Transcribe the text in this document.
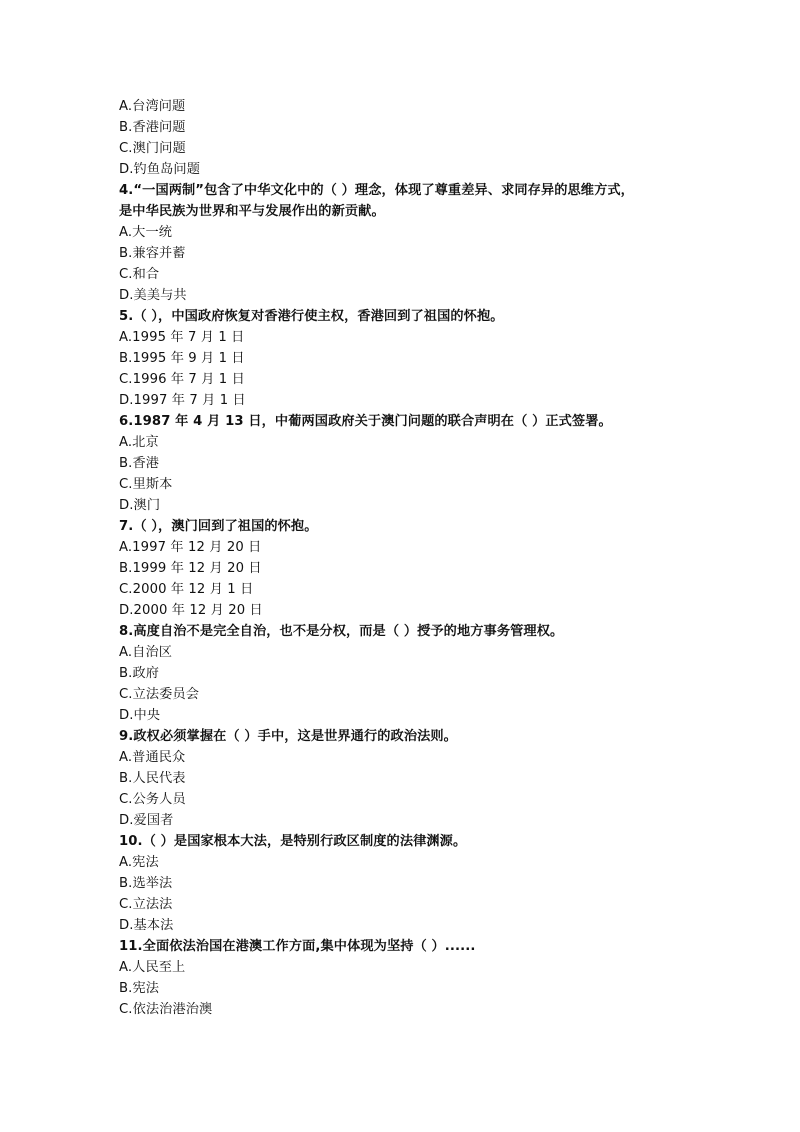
A.台湾问题
B.香港问题
C.澳门问题
D.钓鱼岛问题
4.“一国两制”包含了中华文化中的（ ）理念，体现了尊重差异、求同存异的思维方式，
是中华民族为世界和平与发展作出的新贡献。
A.大一统
B.兼容并蓄
C.和合
D.美美与共
5.（ ），中国政府恢复对香港行使主权，香港回到了祖国的怀抱。
A.1995 年 7 月 1 日
B.1995 年 9 月 1 日
C.1996 年 7 月 1 日
D.1997 年 7 月 1 日
6.1987 年 4 月 13 日，中葡两国政府关于澳门问题的联合声明在（ ）正式签署。
A.北京
B.香港
C.里斯本
D.澳门
7.（ ），澳门回到了祖国的怀抱。
A.1997 年 12 月 20 日
B.1999 年 12 月 20 日
C.2000 年 12 月 1 日
D.2000 年 12 月 20 日
8.高度自治不是完全自治，也不是分权，而是（ ）授予的地方事务管理权。
A.自治区
B.政府
C.立法委员会
D.中央
9.政权必须掌握在（ ）手中，这是世界通行的政治法则。
A.普通民众
B.人民代表
C.公务人员
D.爱国者
10.（ ）是国家根本大法，是特别行政区制度的法律渊源。
A.宪法
B.选举法
C.立法法
D.基本法
11.全面依法治国在港澳工作方面,集中体现为坚持（ ）......
A.人民至上
B.宪法
C.依法治港治澳
